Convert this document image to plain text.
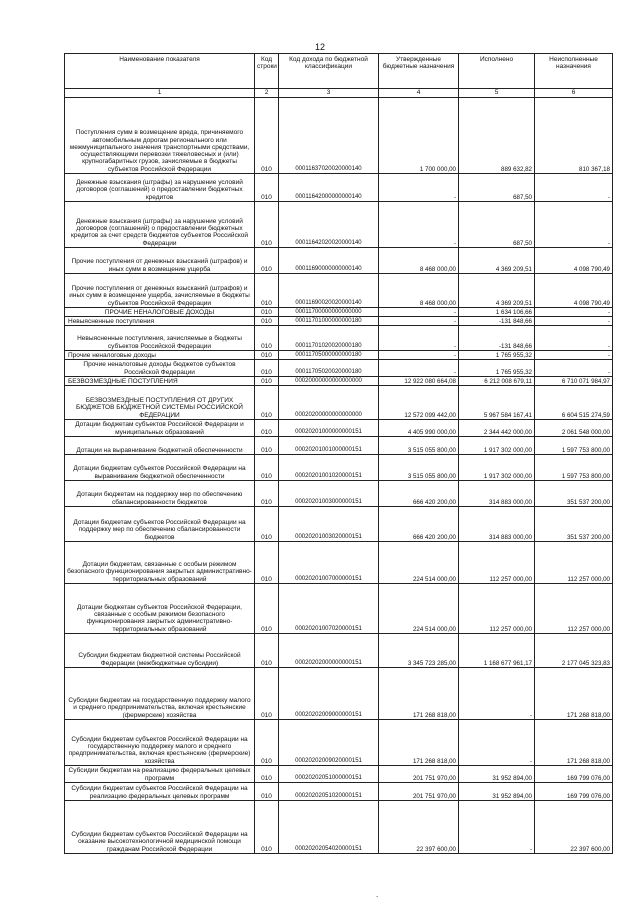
12
Наименование показателя	Код строки	Код дохода по бюджетной классификации	Утвержденные бюджетные назначения	Исполнено	Неисполненные назначения
1	2	3	4	5	6
Поступления сумм в возмещение вреда, причиняемого автомобильным дорогам регионального или межмуниципального значения транспортными средствами, осуществляющими перевозки тяжеловесных и (или) крупногабаритных грузов, зачисляемые в бюджеты субъектов Российской Федерации	010	00011637020020000140	1 700 000,00	889 632,82	810 367,18
Денежные взыскания (штрафы) за нарушение условий договоров (соглашений) о предоставлении бюджетных кредитов	010	00011642000000000140	-	687,50	-
Денежные взыскания (штрафы) за нарушение условий договоров (соглашений) о предоставлении бюджетных кредитов за счет средств бюджетов субъектов Российской Федерации	010	00011642020020000140	-	687,50	-
Прочие поступления от денежных взысканий (штрафов) и иных сумм в возмещение ущерба	010	00011690000000000140	8 468 000,00	4 369 209,51	4 098 790,49
Прочие поступления от денежных взысканий (штрафов) и иных сумм в возмещение ущерба, зачисляемые в бюджеты субъектов Российской Федерации	010	00011690020020000140	8 468 000,00	4 369 209,51	4 098 790,49
ПРОЧИЕ НЕНАЛОГОВЫЕ ДОХОДЫ	010	00011700000000000000	-	1 634 106,66	-
Невыясненные поступления	010	00011701000000000180	-	-131 848,66	-
Невыясненные поступления, зачисляемые в бюджеты субъектов Российской Федерации	010	00011701020020000180	-	-131 848,66	-
Прочие неналоговые доходы	010	00011705000000000180	-	1 765 955,32	-
Прочие неналоговые доходы бюджетов субъектов Российской Федерации	010	00011705020020000180	-	1 765 955,32	-
БЕЗВОЗМЕЗДНЫЕ ПОСТУПЛЕНИЯ	010	00020000000000000000	12 922 080 664,08	6 212 008 679,11	6 710 071 984,97
БЕЗВОЗМЕЗДНЫЕ ПОСТУПЛЕНИЯ ОТ ДРУГИХ БЮДЖЕТОВ БЮДЖЕТНОЙ СИСТЕМЫ РОССИЙСКОЙ ФЕДЕРАЦИИ	010	00020200000000000000	12 572 099 442,00	5 967 584 167,41	6 604 515 274,59
Дотации бюджетам субъектов Российской Федерации и муниципальных образований	010	00020201000000000151	4 405 990 000,00	2 344 442 000,00	2 061 548 000,00
Дотации на выравнивание бюджетной обеспеченности	010	00020201001000000151	3 515 055 800,00	1 917 302 000,00	1 597 753 800,00
Дотации бюджетам субъектов Российской Федерации на выравнивание бюджетной обеспеченности	010	00020201001020000151	3 515 055 800,00	1 917 302 000,00	1 597 753 800,00
Дотации бюджетам на поддержку мер по обеспечению сбалансированности бюджетов	010	00020201003000000151	666 420 200,00	314 883 000,00	351 537 200,00
Дотации бюджетам субъектов Российской Федерации на поддержку мер по обеспечению сбалансированности бюджетов	010	00020201003020000151	666 420 200,00	314 883 000,00	351 537 200,00
Дотации бюджетам, связанные с особым режимом безопасного функционирования закрытых административно-территориальных образований	010	00020201007000000151	224 514 000,00	112 257 000,00	112 257 000,00
Дотации бюджетам субъектов Российской Федерации, связанные с особым режимом безопасного функционирования закрытых административно-территориальных образований	010	00020201007020000151	224 514 000,00	112 257 000,00	112 257 000,00
Субсидии бюджетам бюджетной системы Российской Федерации (межбюджетные субсидии)	010	00020202000000000151	3 345 723 285,00	1 168 677 961,17	2 177 045 323,83
Субсидии бюджетам на государственную поддержку малого и среднего предпринимательства, включая крестьянские (фермерские) хозяйства	010	00020202009000000151	171 268 818,00	-	171 268 818,00
Субсидии бюджетам субъектов Российской Федерации на государственную поддержку малого и среднего предпринимательства, включая крестьянские (фермерские) хозяйства	010	00020202009020000151	171 268 818,00	-	171 268 818,00
Субсидии бюджетам на реализацию федеральных целевых программ	010	00020202051000000151	201 751 970,00	31 952 894,00	169 799 076,00
Субсидии бюджетам субъектов Российской Федерации на реализацию федеральных целевых программ	010	00020202051020000151	201 751 970,00	31 952 894,00	169 799 076,00
Субсидии бюджетам субъектов Российской Федерации на оказание высокотехнологичной медицинской помощи гражданам Российской Федерации	010	00020202054020000151	22 397 600,00	-	22 397 600,00
.
